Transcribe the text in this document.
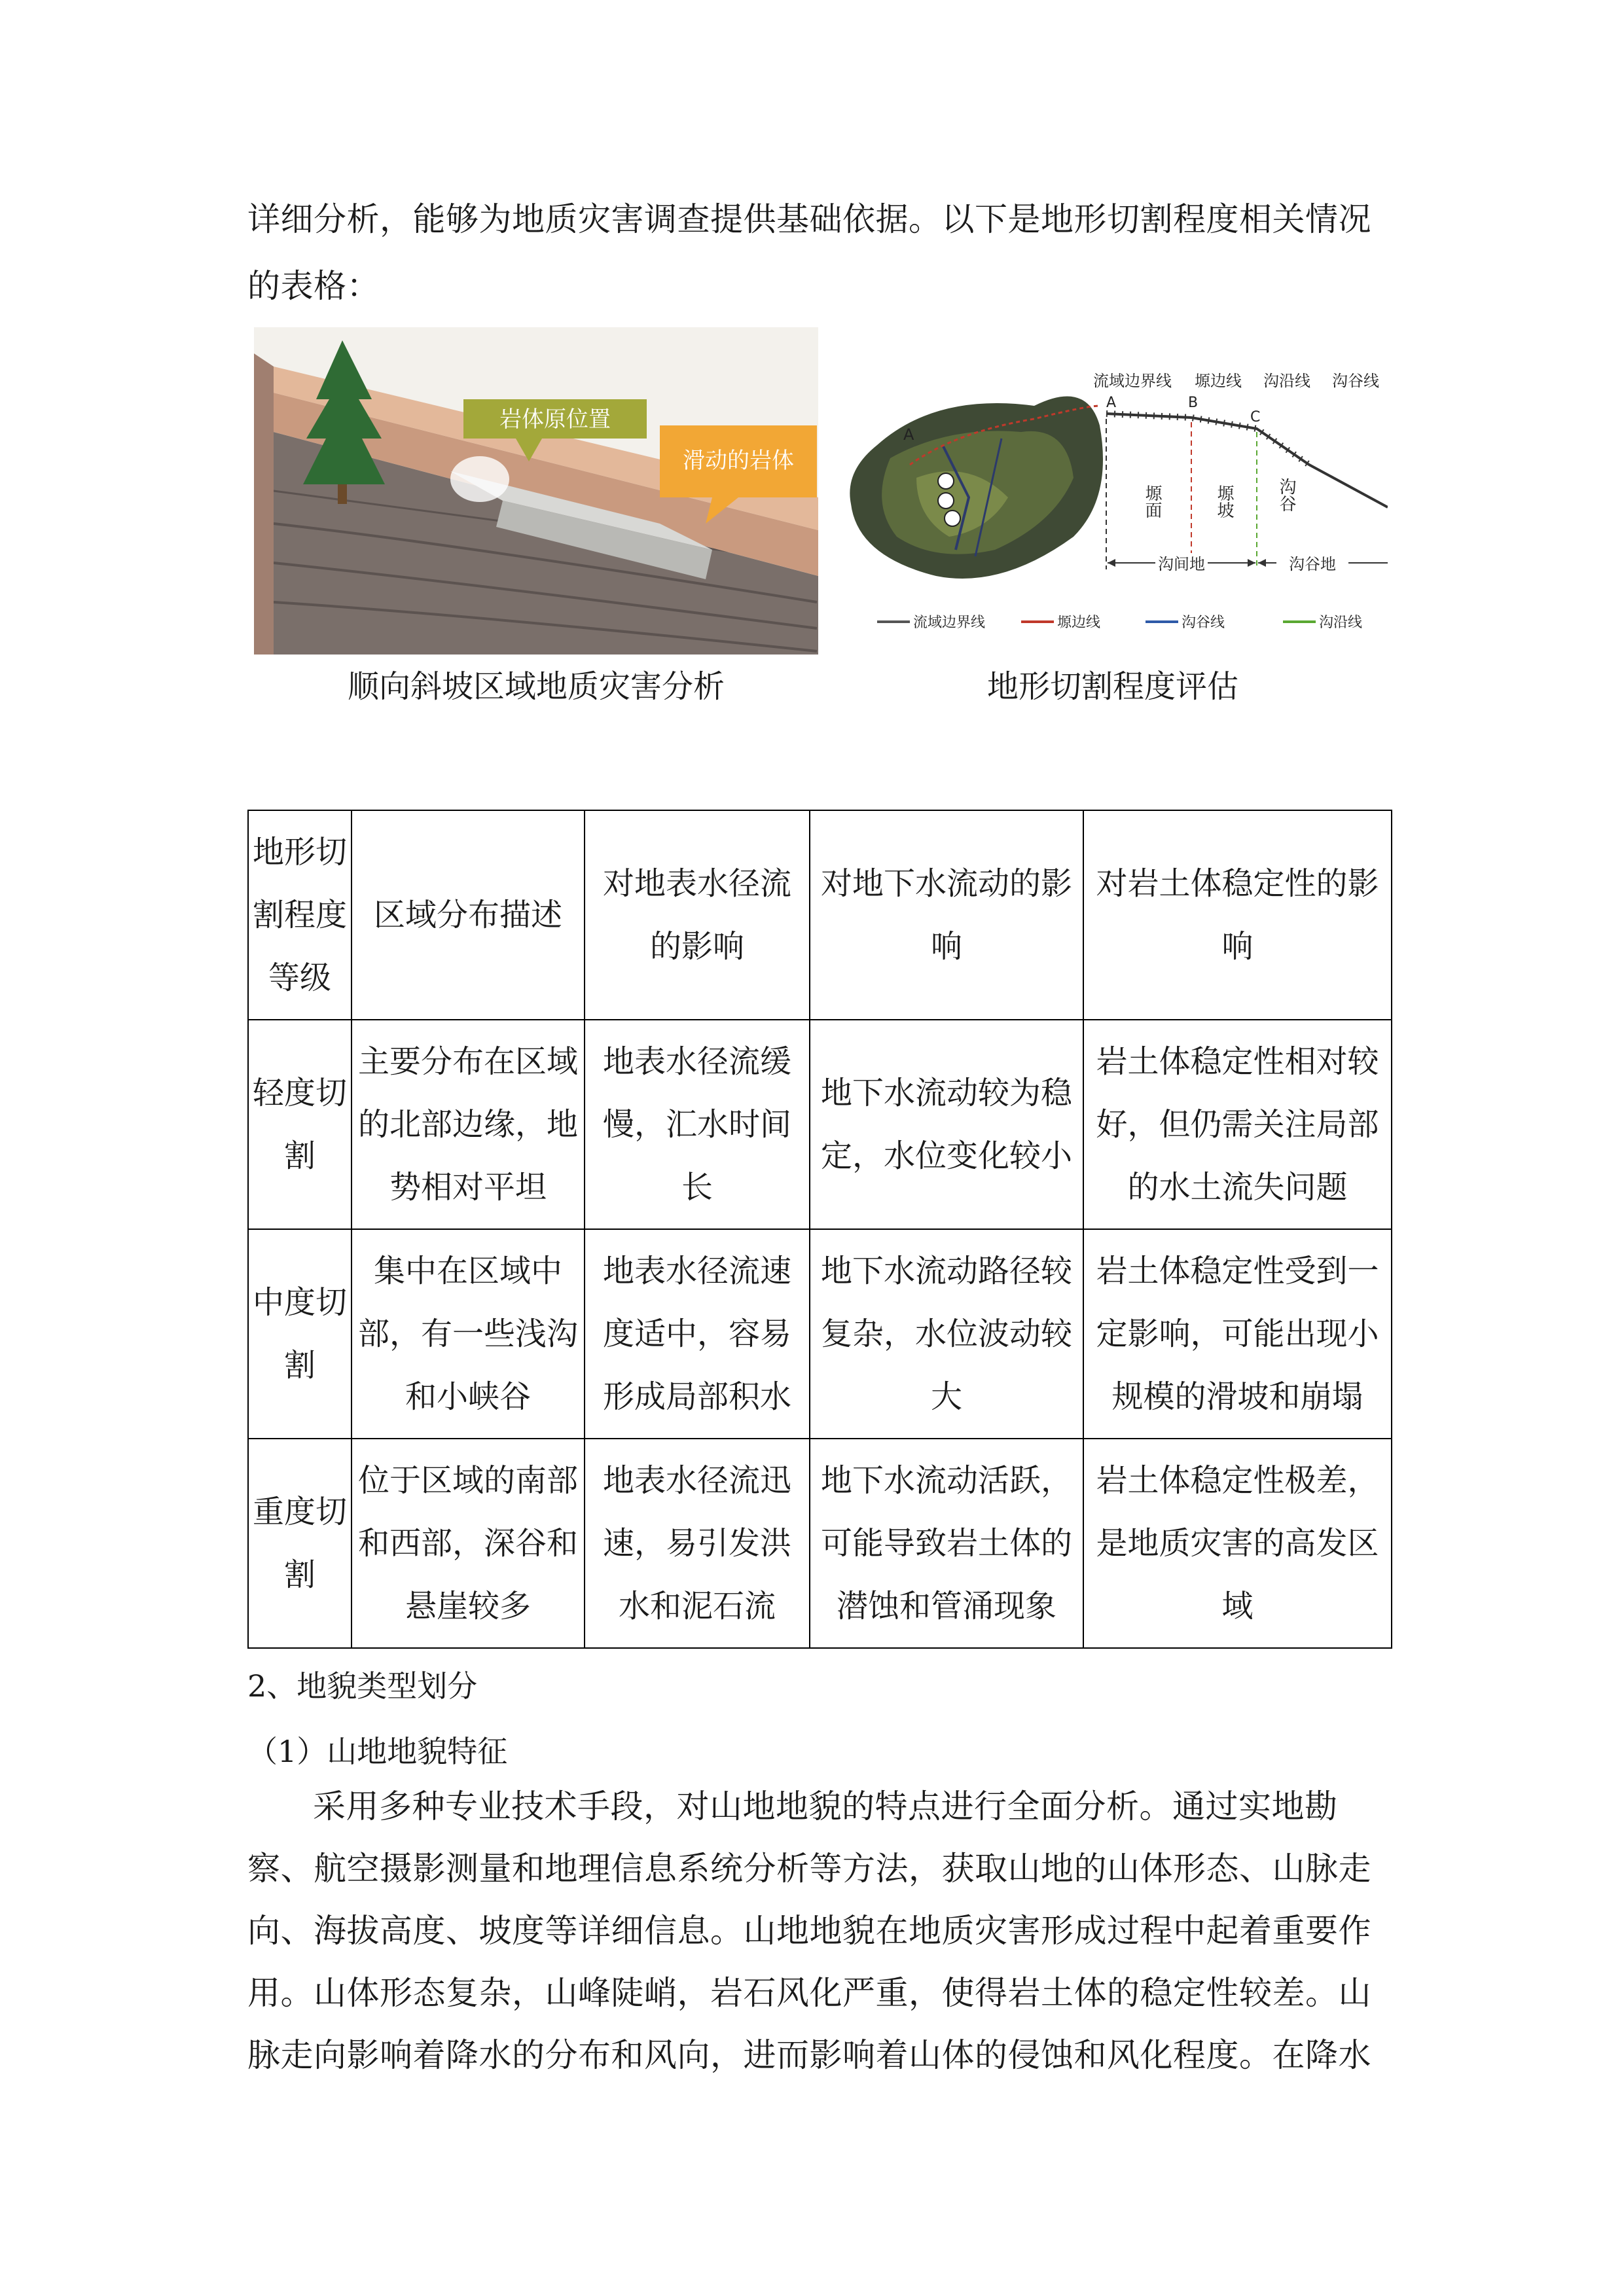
详细分析，能够为地质灾害调查提供基础依据。以下是地形切割程度相关情况

的表格：

岩体原位置
滑动的岩体
顺向斜坡区域地质灾害分析
A
流域边界线 塬边线 沟沿线 沟谷线
A	B
C
塬面	塬坡	沟谷
沟间地	沟谷地
流域边界线	塬边线	沟谷线	沟沿线
地形切割程度评估
地形切割程度等级	区域分布描述	对地表水径流的影响	对地下水流动的影响	对岩土体稳定性的影响
轻度切割	主要分布在区域的北部边缘，地势相对平坦	地表水径流缓慢，汇水时间长	地下水流动较为稳定，水位变化较小	岩土体稳定性相对较好，但仍需关注局部的水土流失问题
中度切割	集中在区域中部，有一些浅沟和小峡谷	地表水径流速度适中，容易形成局部积水	地下水流动路径较复杂，水位波动较大	岩土体稳定性受到一定影响，可能出现小规模的滑坡和崩塌
重度切割	位于区域的南部和西部，深谷和悬崖较多	地表水径流迅速，易引发洪水和泥石流	地下水流动活跃，可能导致岩土体的潜蚀和管涌现象	岩土体稳定性极差，是地质灾害的高发区域
2、地貌类型划分
（1）山地地貌特征

采用多种专业技术手段，对山地地貌的特点进行全面分析。通过实地勘察、航空摄影测量和地理信息系统分析等方法，获取山地的山体形态、山脉走向、海拔高度、坡度等详细信息。山地地貌在地质灾害形成过程中起着重要作用。山体形态复杂，山峰陡峭，岩石风化严重，使得岩土体的稳定性较差。山脉走向影响着降水的分布和风向，进而影响着山体的侵蚀和风化程度。在降水
